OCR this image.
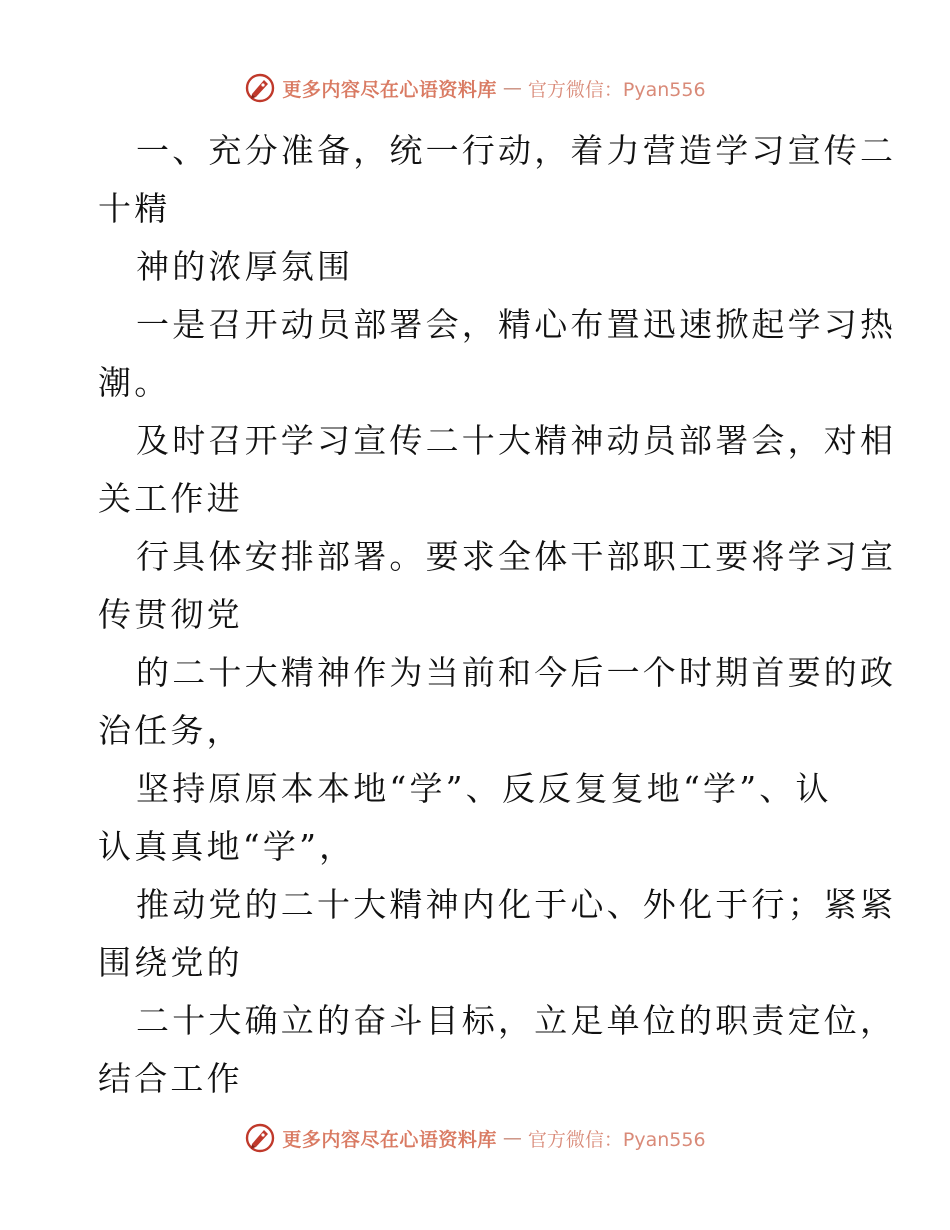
更多内容尽在心语资料库 — 官方微信：Pyan556
一、充分准备，统一行动，着力营造学习宣传二
十精
神的浓厚氛围
一是召开动员部署会，精心布置迅速掀起学习热
潮。
及时召开学习宣传二十大精神动员部署会，对相
关工作进
行具体安排部署。要求全体干部职工要将学习宣
传贯彻党
的二十大精神作为当前和今后一个时期首要的政
治任务，
坚持原原本本地“学”、反反复复地“学”、认
认真真地“学”，
推动党的二十大精神内化于心、外化于行；紧紧
围绕党的
二十大确立的奋斗目标，立足单位的职责定位，
结合工作
更多内容尽在心语资料库 — 官方微信：Pyan556
